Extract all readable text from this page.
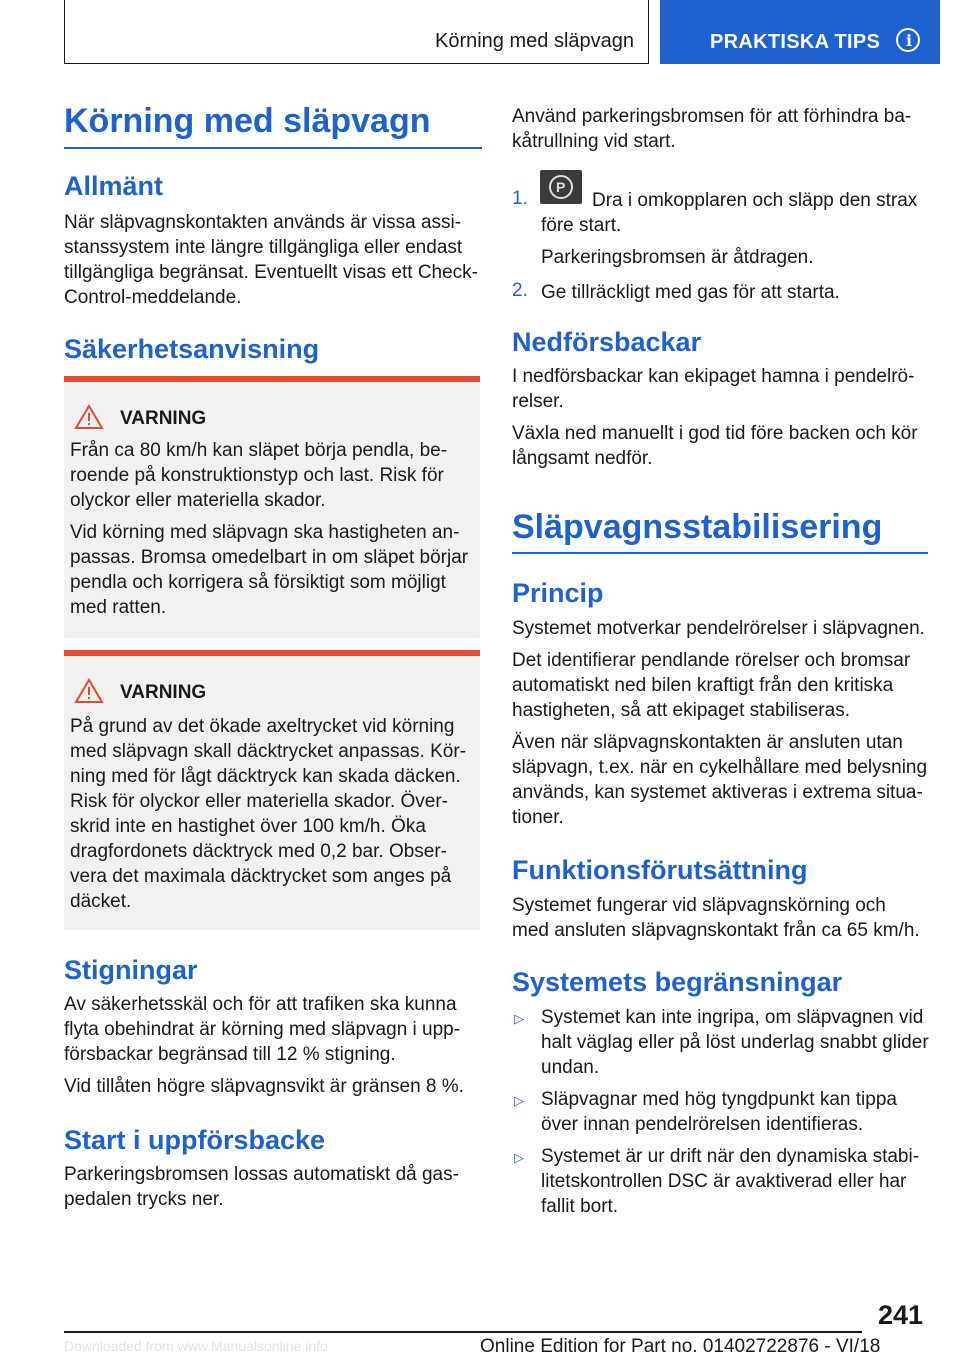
Körning med släpvagn	PRAKTISKA TIPS i
Körning med släpvagn
Allmänt
När släpvagnskontakten används är vissa assi-
stanssystem inte längre tillgängliga eller endast
tillgängliga begränsat. Eventuellt visas ett Check-
Control-meddelande.
Säkerhetsanvisning
VARNING
Från ca 80 km/h kan släpet börja pendla, be-
roende på konstruktionstyp och last. Risk för
olyckor eller materiella skador.
Vid körning med släpvagn ska hastigheten an-
passas. Bromsa omedelbart in om släpet börjar
pendla och korrigera så försiktigt som möjligt
med ratten.
VARNING
På grund av det ökade axeltrycket vid körning
med släpvagn skall däcktrycket anpassas. Kör-
ning med för lågt däcktryck kan skada däcken.
Risk för olyckor eller materiella skador. Över-
skrid inte en hastighet över 100 km/h. Öka
dragfordonets däcktryck med 0,2 bar. Obser-
vera det maximala däcktrycket som anges på
däcket.
Stigningar
Av säkerhetsskäl och för att trafiken ska kunna
flyta obehindrat är körning med släpvagn i upp-
försbackar begränsad till 12 % stigning.
Vid tillåten högre släpvagnsvikt är gränsen 8 %.
Start i uppförsbacke
Parkeringsbromsen lossas automatiskt då gas-
pedalen trycks ner.
Använd parkeringsbromsen för att förhindra ba-
kåtrullning vid start.
1.
P
Dra i omkopplaren och släpp den strax
före start.
Parkeringsbromsen är åtdragen.
2. Ge tillräckligt med gas för att starta.
Nedförsbackar
I nedförsbackar kan ekipaget hamna i pendelrö-
relser.
Växla ned manuellt i god tid före backen och kör
långsamt nedför.
Släpvagnsstabilisering
Princip
Systemet motverkar pendelrörelser i släpvagnen.
Det identifierar pendlande rörelser och bromsar
automatiskt ned bilen kraftigt från den kritiska
hastigheten, så att ekipaget stabiliseras.
Även när släpvagnskontakten är ansluten utan
släpvagn, t.ex. när en cykelhållare med belysning
används, kan systemet aktiveras i extrema situa-
tioner.
Funktionsförutsättning
Systemet fungerar vid släpvagnskörning och
med ansluten släpvagnskontakt från ca 65 km/h.
Systemets begränsningar
▷ Systemet kan inte ingripa, om släpvagnen vid
halt väglag eller på löst underlag snabbt glider
undan.
▷ Släpvagnar med hög tyngdpunkt kan tippa
över innan pendelrörelsen identifieras.
▷ Systemet är ur drift när den dynamiska stabi-
litetskontrollen DSC är avaktiverad eller har
fallit bort.
241
Online Edition for Part no. 01402722876 - VI/18
Downloaded from www.Manualsonline.info
